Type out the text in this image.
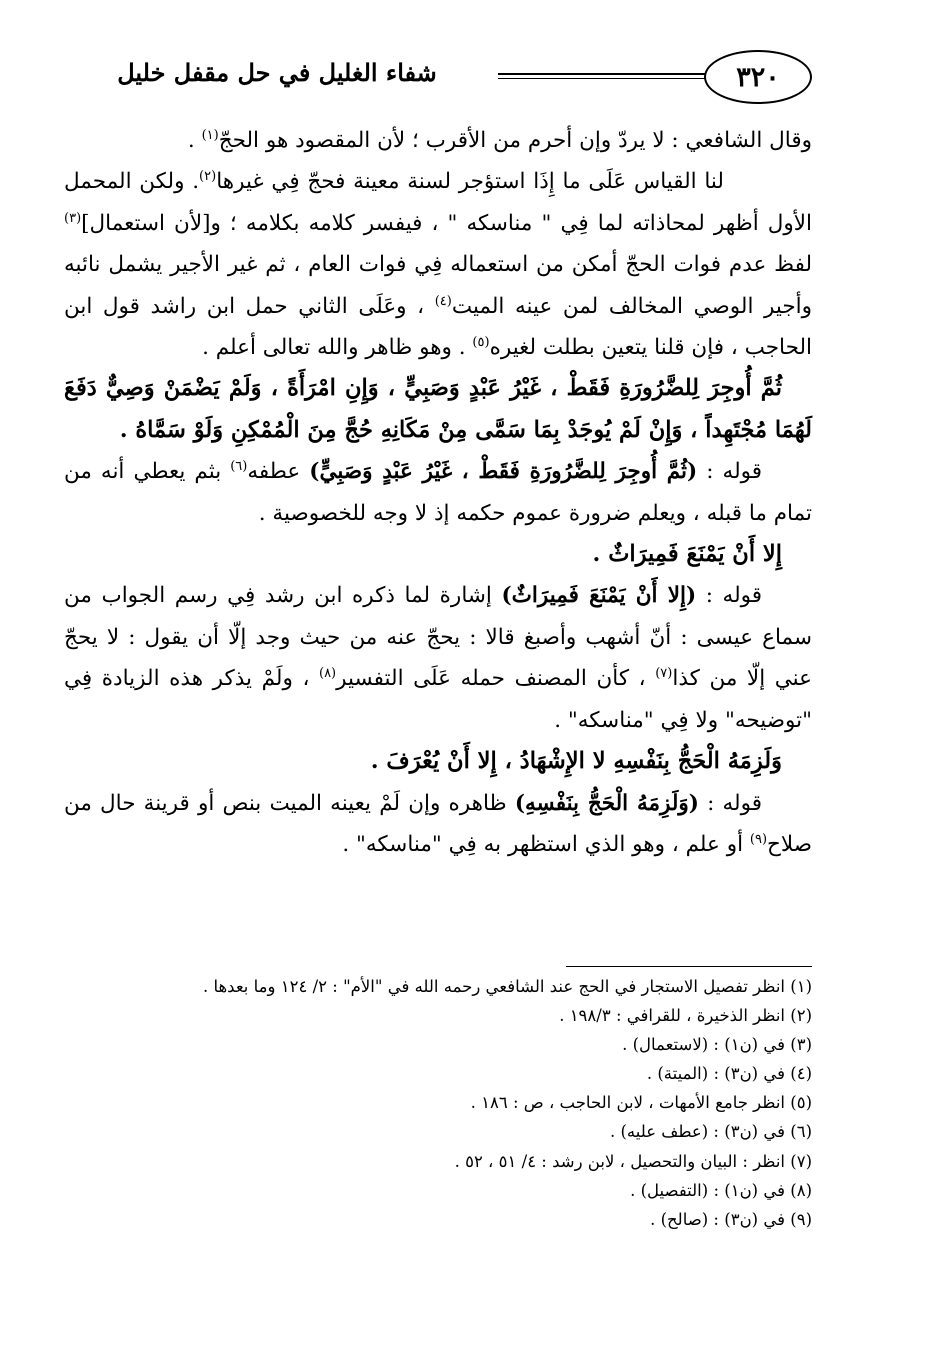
٣٢٠
شفاء الغليل في حل مقفل خليل

وقال الشافعي : لا يردّ وإن أحرم من الأقرب ؛ لأن المقصود هو الحجّ$^{(١)}$ .

لنا القياس عَلَى ما إِذَا استؤجر لسنة معينة فحجّ فِي غيرها$^{(٢)}$. ولكن المحمل الأول أظهر لمحاذاته لما فِي " مناسكه " ، فيفسر كلامه بكلامه ؛ و[لأن استعمال]$^{(٣)}$ لفظ عدم فوات الحجّ أمكن من استعماله فِي فوات العام ، ثم غير الأجير يشمل نائبه وأجير الوصي المخالف لمن عينه الميت$^{(٤)}$ ، وعَلَى الثاني حمل ابن راشد قول ابن الحاجب ، فإن قلنا يتعين بطلت لغيره$^{(٥)}$ . وهو ظاهر والله تعالى أعلم .

ثُمَّ أُوجِرَ لِلضَّرُورَةِ فَقَطْ ، غَيْرُ عَبْدٍ وَصَبِيٍّ ، وَإِنِ امْرَأَةً ، وَلَمْ يَضْمَنْ وَصِيٌّ دَفَعَ لَهُمَا مُجْتَهِداً ، وَإِنْ لَمْ يُوجَدْ بِمَا سَمَّى مِنْ مَكَانِهِ حُجَّ مِنَ الْمُمْكِنِ وَلَوْ سَمَّاهُ .

قوله : (ثُمَّ أُوجِرَ لِلضَّرُورَةِ فَقَطْ ، غَيْرُ عَبْدٍ وَصَبِيٍّ) عطفه$^{(٦)}$ بثم يعطي أنه من تمام ما قبله ، ويعلم ضرورة عموم حكمه إذ لا وجه للخصوصية .

إِلا أَنْ يَمْنَعَ فَمِيرَاثٌ .

قوله : (إِلا أَنْ يَمْنَعَ فَمِيرَاثٌ) إشارة لما ذكره ابن رشد فِي رسم الجواب من سماع عيسى : أنّ أشهب وأصبغ قالا : يحجّ عنه من حيث وجد إلّا أن يقول : لا يحجّ عني إلّا من كذا$^{(٧)}$ ، كأن المصنف حمله عَلَى التفسير$^{(٨)}$ ، ولَمْ يذكر هذه الزيادة فِي "توضيحه" ولا فِي "مناسكه" .

وَلَزِمَهُ الْحَجُّ بِنَفْسِهِ لا الإِشْهَادُ ، إِلا أَنْ يُعْرَفَ .

قوله : (وَلَزِمَهُ الْحَجُّ بِنَفْسِهِ) ظاهره وإن لَمْ يعينه الميت بنص أو قرينة حال من صلاح$^{(٩)}$ أو علم ، وهو الذي استظهر به فِي "مناسكه" .

(١) انظر تفصيل الاستجار في الحج عند الشافعي رحمه الله في "الأم" : ٢/ ١٢٤ وما بعدها .
(٢) انظر الذخيرة ، للقرافي : ١٩٨/٣ .
(٣) في (ن١) : (لاستعمال) .
(٤) في (ن٣) : (الميتة) .
(٥) انظر جامع الأمهات ، لابن الحاجب ، ص : ١٨٦ .
(٦) في (ن٣) : (عطف عليه) .
(٧) انظر : البيان والتحصيل ، لابن رشد : ٤/ ٥١ ، ٥٢ .
(٨) في (ن١) : (التفصيل) .
(٩) في (ن٣) : (صالح) .
